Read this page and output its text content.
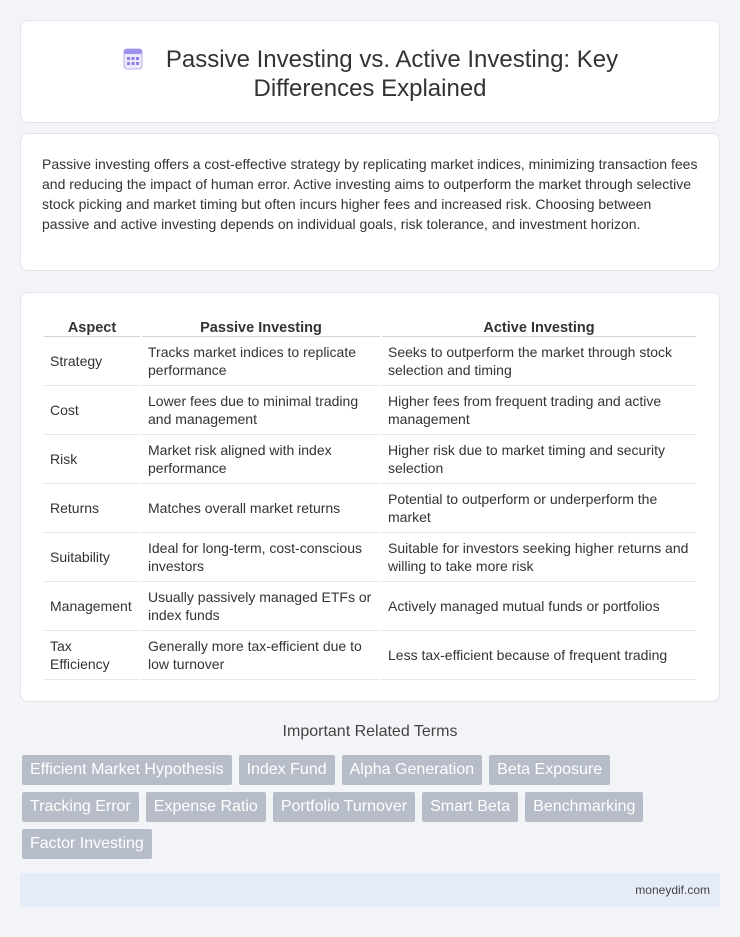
Passive Investing vs. Active Investing: Key Differences Explained

Passive investing offers a cost-effective strategy by replicating market indices, minimizing transaction fees and reducing the impact of human error. Active investing aims to outperform the market through selective stock picking and market timing but often incurs higher fees and increased risk. Choosing between passive and active investing depends on individual goals, risk tolerance, and investment horizon.

Aspect	Passive Investing	Active Investing
Strategy	Tracks market indices to replicate performance	Seeks to outperform the market through stock selection and timing
Cost	Lower fees due to minimal trading and management	Higher fees from frequent trading and active management
Risk	Market risk aligned with index performance	Higher risk due to market timing and security selection
Returns	Matches overall market returns	Potential to outperform or underperform the market
Suitability	Ideal for long-term, cost-conscious investors	Suitable for investors seeking higher returns and willing to take more risk
Management	Usually passively managed ETFs or index funds	Actively managed mutual funds or portfolios
Tax Efficiency	Generally more tax-efficient due to low turnover	Less tax-efficient because of frequent trading
Important Related Terms
Efficient Market Hypothesis	Index Fund	Alpha Generation	Beta Exposure
Tracking Error	Expense Ratio	Portfolio Turnover	Smart Beta	Benchmarking
Factor Investing
moneydif.com
